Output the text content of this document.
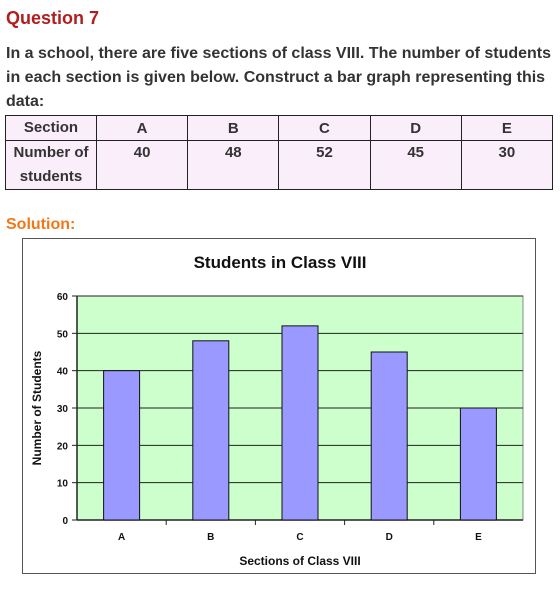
Question 7
In a school, there are five sections of class VIII. The number of students in each section is given below. Construct a bar graph representing this data:
Section	A	B	C	D	E

Number of
students	40	48	52	45	30
Solution:
Students in Class VIII
0
10
20
30
40
50
60
A	B	C	D	E
Sections of Class VIII
Number of Students
